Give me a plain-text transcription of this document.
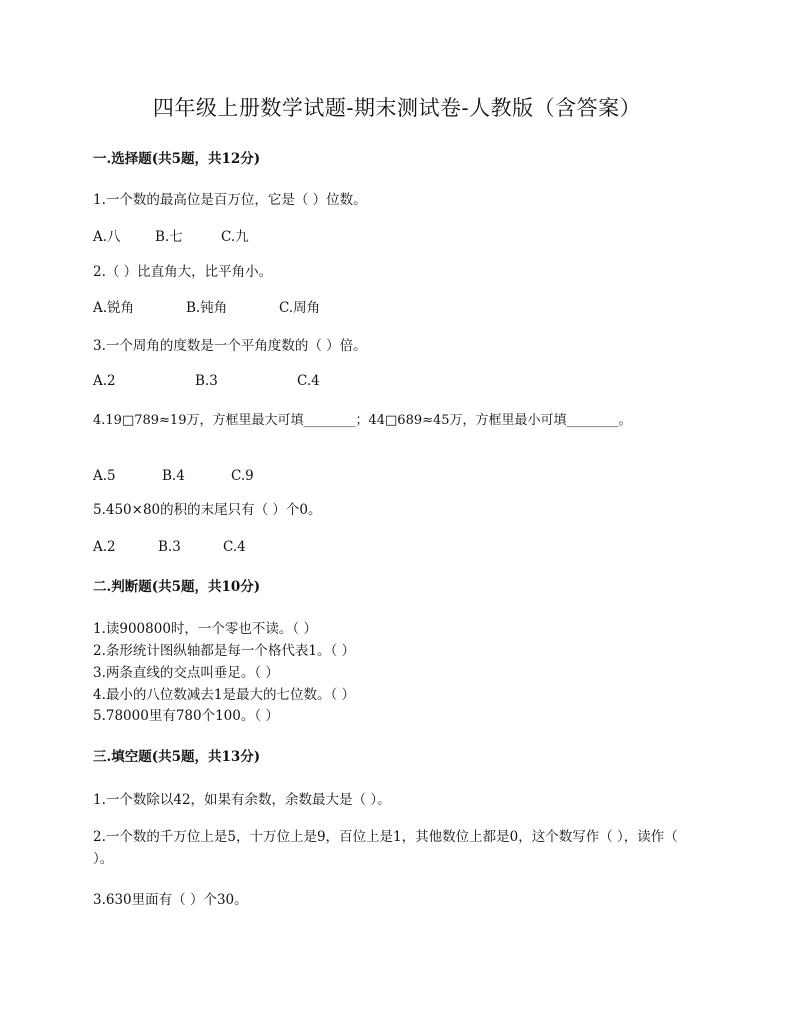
四年级上册数学试题-期末测试卷-人教版（含答案）
一.选择题(共5题，共12分)
1.一个数的最高位是百万位，它是（ ）位数。
A.八	B.七	C.九
2.（ ）比直角大，比平角小。
A.锐角	B.钝角	C.周角
3.一个周角的度数是一个平角度数的（ ）倍。
A.2	B.3	C.4
4.19□789≈19万，方框里最大可填________；44□689≈45万，方框里最小可填________。
A.5	B.4	C.9
5.450×80的积的末尾只有（ ）个0。
A.2	B.3	C.4
二.判断题(共5题，共10分)
1.读900800时，一个零也不读。（ ）
2.条形统计图纵轴都是每一个格代表1。（ ）
3.两条直线的交点叫垂足。（ ）
4.最小的八位数减去1是最大的七位数。（ ）
5.78000里有780个100。（ ）
三.填空题(共5题，共13分)
1.一个数除以42，如果有余数，余数最大是（ ）。
2.一个数的千万位上是5，十万位上是9，百位上是1，其他数位上都是0，这个数写作（ ），读作（ ）。
3.630里面有（ ）个30。
